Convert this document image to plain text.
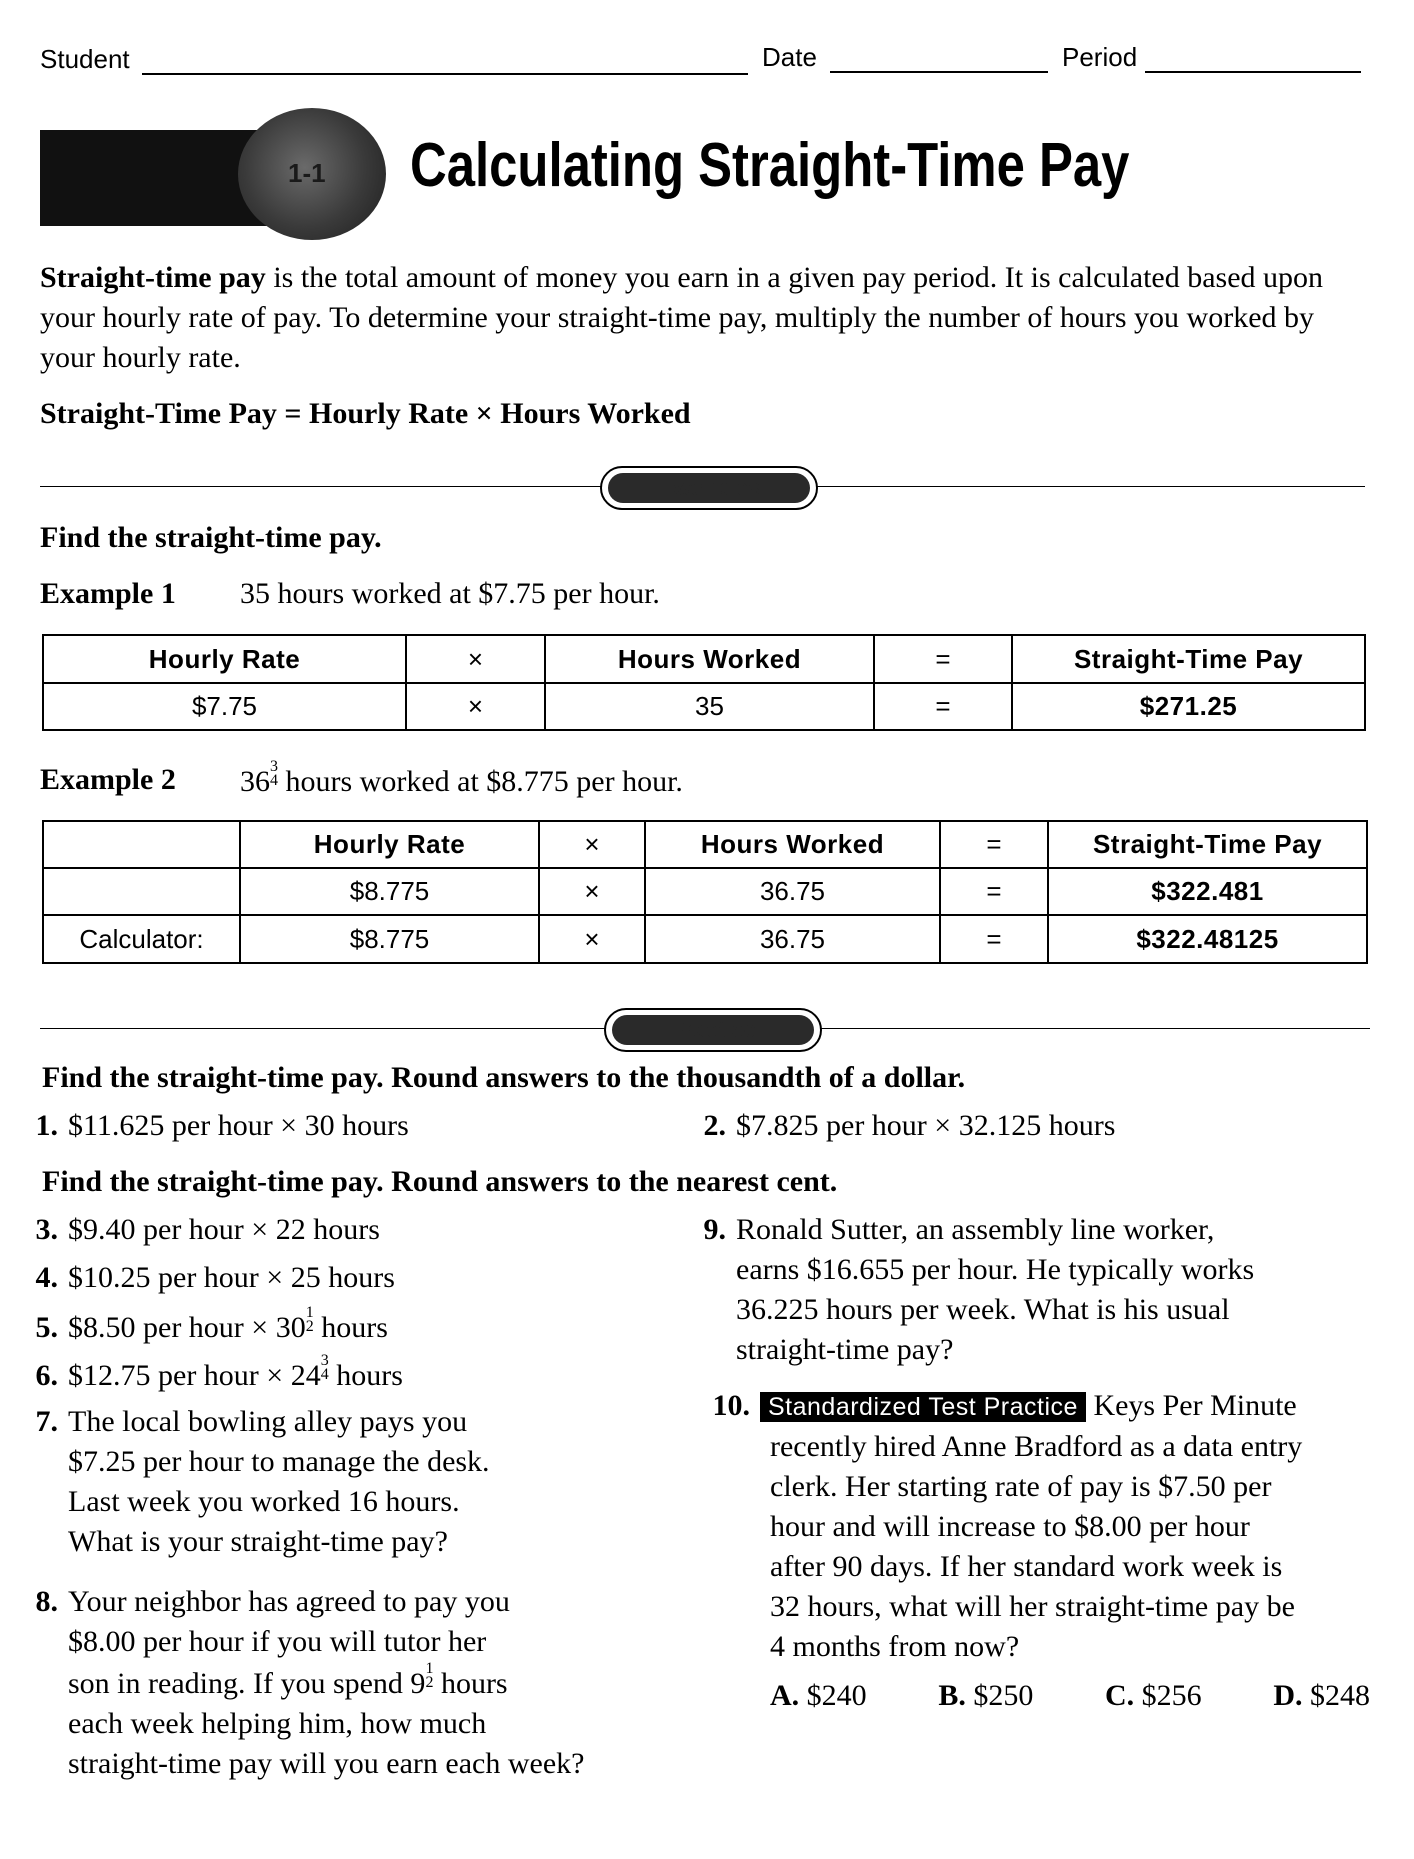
Student	Date	Period
1-1 Calculating Straight-Time Pay
Straight-time pay is the total amount of money you earn in a given pay period. It is calculated based upon your hourly rate of pay. To determine your straight-time pay, multiply the number of hours you worked by your hourly rate.
Straight-Time Pay = Hourly Rate × Hours Worked
Examples
Find the straight-time pay.
Example 1 35 hours worked at $7.75 per hour.
Hourly Rate	×	Hours Worked	=	Straight-Time Pay
$7.75	×	35	=	$271.25
Example 2 36 3
4 hours worked at $8.775 per hour.
	Hourly Rate	×	Hours Worked	=	Straight-Time Pay
	$8.775	×	36.75	=	$322.481
Calculator:	$8.775	×	36.75	=	$322.48125
Practice
Find the straight-time pay. Round answers to the thousandth of a dollar.
1. $11.625 per hour × 30 hours	2. $7.825 per hour × 32.125 hours
Find the straight-time pay. Round answers to the nearest cent.
3. $9.40 per hour × 22 hours
4. $10.25 per hour × 25 hours
5. $8.50 per hour × 30 1
2 hours
6. $12.75 per hour × 24 3
4 hours
7. The local bowling alley pays you
$7.25 per hour to manage the desk.
Last week you worked 16 hours.
What is your straight-time pay?
8. Your neighbor has agreed to pay you
$8.00 per hour if you will tutor her
son in reading. If you spend 9 1
2 hours
each week helping him, how much
straight-time pay will you earn each week?
9. Ronald Sutter, an assembly line worker,
earns $16.655 per hour. He typically works
36.225 hours per week. What is his usual
straight-time pay?
10. Standardized Test Practice Keys Per Minute
recently hired Anne Bradford as a data entry
clerk. Her starting rate of pay is $7.50 per
hour and will increase to $8.00 per hour
after 90 days. If her standard work week is
32 hours, what will her straight-time pay be
4 months from now?
A. $240 B. $250 C. $256 D. $248
